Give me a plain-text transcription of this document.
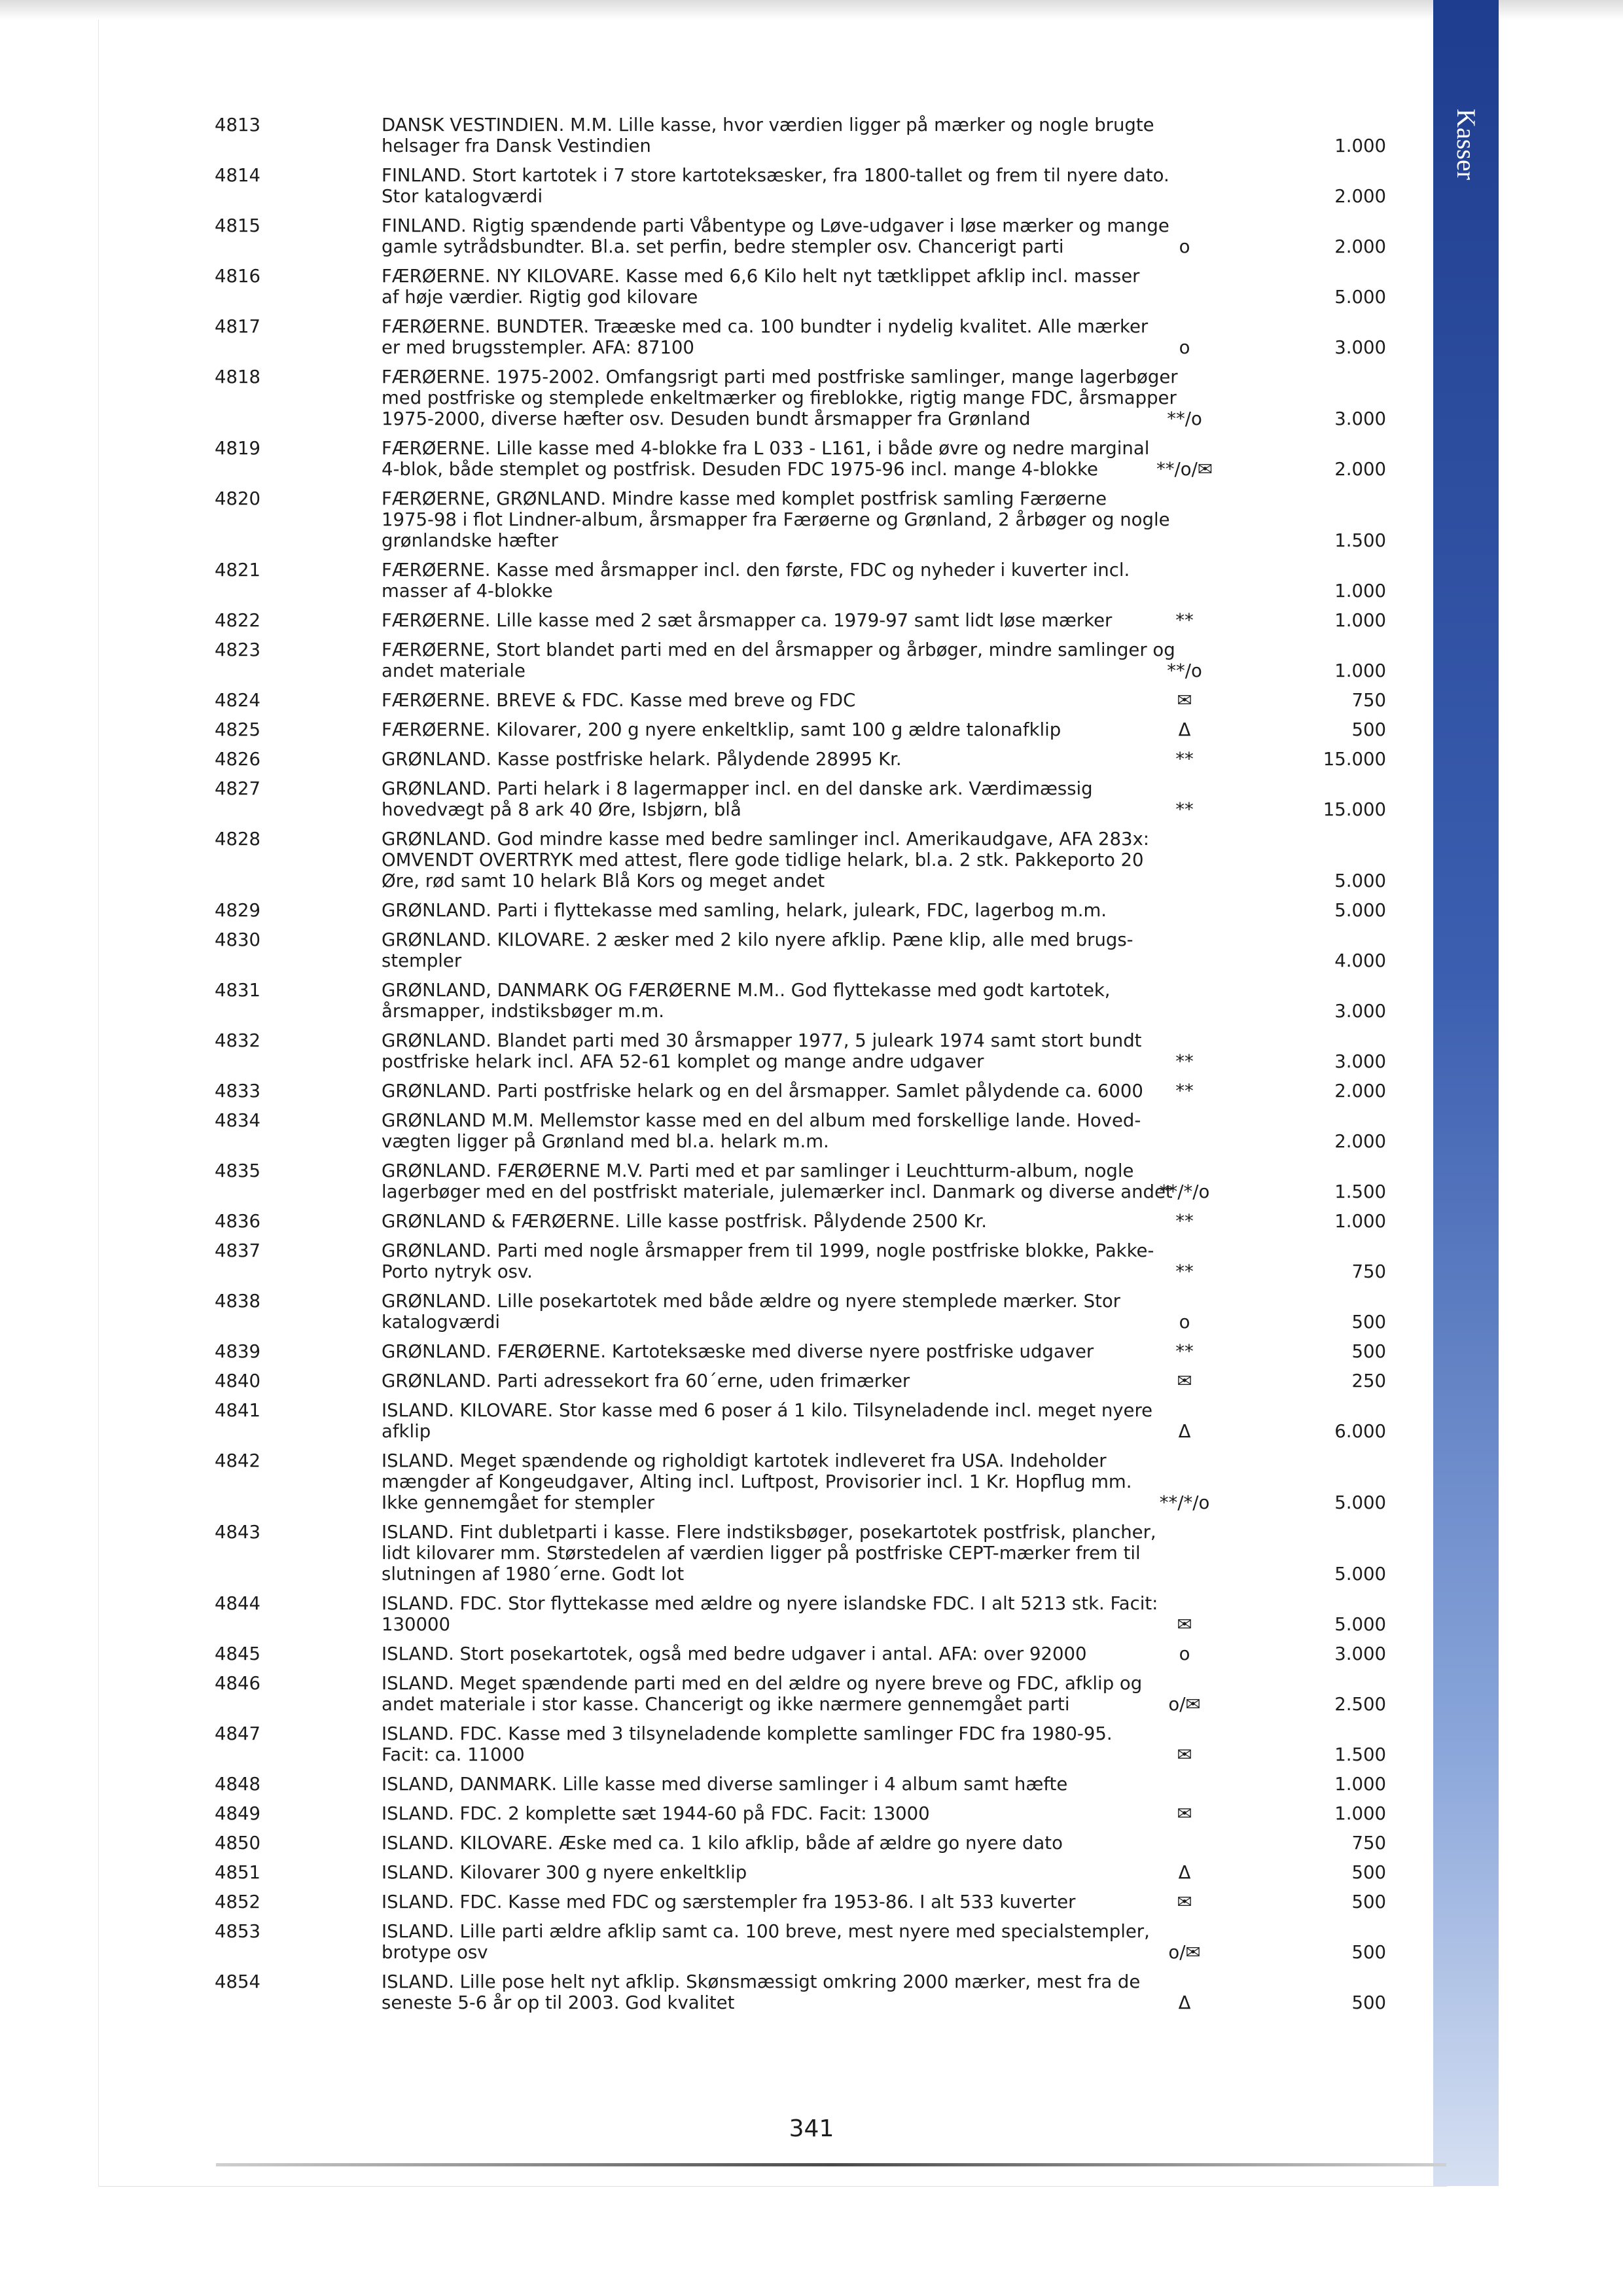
Kasser
4813	DANSK VESTINDIEN. M.M. Lille kasse, hvor værdien ligger på mærker og nogle brugte
helsager fra Dansk Vestindien	1.000
4814	FINLAND. Stort kartotek i 7 store kartoteksæsker, fra 1800-tallet og frem til nyere dato.
Stor katalogværdi	2.000
4815	FINLAND. Rigtig spændende parti Våbentype og Løve-udgaver i løse mærker og mange
gamle sytrådsbundter. Bl.a. set perfin, bedre stempler osv. Chancerigt parti	o	2.000
4816	FÆRØERNE. NY KILOVARE. Kasse med 6,6 Kilo helt nyt tætklippet afklip incl. masser
af høje værdier. Rigtig god kilovare	5.000
4817	FÆRØERNE. BUNDTER. Trææske med ca. 100 bundter i nydelig kvalitet. Alle mærker
er med brugsstempler. AFA: 87100	o	3.000
4818	FÆRØERNE. 1975-2002. Omfangsrigt parti med postfriske samlinger, mange lagerbøger
med postfriske og stemplede enkeltmærker og fireblokke, rigtig mange FDC, årsmapper
1975-2000, diverse hæfter osv. Desuden bundt årsmapper fra Grønland	**/o	3.000
4819	FÆRØERNE. Lille kasse med 4-blokke fra L 033 - L161, i både øvre og nedre marginal
4-blok, både stemplet og postfrisk. Desuden FDC 1975-96 incl. mange 4-blokke	**/o/✉	2.000
4820	FÆRØERNE, GRØNLAND. Mindre kasse med komplet postfrisk samling Færøerne
1975-98 i flot Lindner-album, årsmapper fra Færøerne og Grønland, 2 årbøger og nogle
grønlandske hæfter	1.500
4821	FÆRØERNE. Kasse med årsmapper incl. den første, FDC og nyheder i kuverter incl.
masser af 4-blokke	1.000
4822	FÆRØERNE. Lille kasse med 2 sæt årsmapper ca. 1979-97 samt lidt løse mærker	**	1.000
4823	FÆRØERNE, Stort blandet parti med en del årsmapper og årbøger, mindre samlinger og
andet materiale	**/o	1.000
4824	FÆRØERNE. BREVE & FDC. Kasse med breve og FDC	✉	750
4825	FÆRØERNE. Kilovarer, 200 g nyere enkeltklip, samt 100 g ældre talonafklip	Δ	500
4826	GRØNLAND. Kasse postfriske helark. Pålydende 28995 Kr.	**	15.000
4827	GRØNLAND. Parti helark i 8 lagermapper incl. en del danske ark. Værdimæssig
hovedvægt på 8 ark 40 Øre, Isbjørn, blå	**	15.000
4828	GRØNLAND. God mindre kasse med bedre samlinger incl. Amerikaudgave, AFA 283x:
OMVENDT OVERTRYK med attest, flere gode tidlige helark, bl.a. 2 stk. Pakkeporto 20
Øre, rød samt 10 helark Blå Kors og meget andet	5.000
4829	GRØNLAND. Parti i flyttekasse med samling, helark, juleark, FDC, lagerbog m.m.	5.000
4830	GRØNLAND. KILOVARE. 2 æsker med 2 kilo nyere afklip. Pæne klip, alle med brugs-
stempler	4.000
4831	GRØNLAND, DANMARK OG FÆRØERNE M.M.. God flyttekasse med godt kartotek,
årsmapper, indstiksbøger m.m.	3.000
4832	GRØNLAND. Blandet parti med 30 årsmapper 1977, 5 juleark 1974 samt stort bundt
postfriske helark incl. AFA 52-61 komplet og mange andre udgaver	**	3.000
4833	GRØNLAND. Parti postfriske helark og en del årsmapper. Samlet pålydende ca. 6000	**	2.000
4834	GRØNLAND M.M. Mellemstor kasse med en del album med forskellige lande. Hoved-
vægten ligger på Grønland med bl.a. helark m.m.	2.000
4835	GRØNLAND. FÆRØERNE M.V. Parti med et par samlinger i Leuchtturm-album, nogle
lagerbøger med en del postfriskt materiale, julemærker incl. Danmark og diverse andet
**/*/o	1.500
4836	GRØNLAND & FÆRØERNE. Lille kasse postfrisk. Pålydende 2500 Kr.	**	1.000
4837	GRØNLAND. Parti med nogle årsmapper frem til 1999, nogle postfriske blokke, Pakke-
Porto nytryk osv.	**	750
4838	GRØNLAND. Lille posekartotek med både ældre og nyere stemplede mærker. Stor
katalogværdi	o	500
4839	GRØNLAND. FÆRØERNE. Kartoteksæske med diverse nyere postfriske udgaver	**	500
4840	GRØNLAND. Parti adressekort fra 60´erne, uden frimærker	✉	250
4841	ISLAND. KILOVARE. Stor kasse med 6 poser á 1 kilo. Tilsyneladende incl. meget nyere
afklip	Δ	6.000
4842	ISLAND. Meget spændende og righoldigt kartotek indleveret fra USA. Indeholder
mængder af Kongeudgaver, Alting incl. Luftpost, Provisorier incl. 1 Kr. Hopflug mm.
Ikke gennemgået for stempler	**/*/o	5.000
4843	ISLAND. Fint dubletparti i kasse. Flere indstiksbøger, posekartotek postfrisk, plancher,
lidt kilovarer mm. Størstedelen af værdien ligger på postfriske CEPT-mærker frem til
slutningen af 1980´erne. Godt lot	5.000
4844	ISLAND. FDC. Stor flyttekasse med ældre og nyere islandske FDC. I alt 5213 stk. Facit:
130000	✉	5.000
4845	ISLAND. Stort posekartotek, også med bedre udgaver i antal. AFA: over 92000	o	3.000
4846	ISLAND. Meget spændende parti med en del ældre og nyere breve og FDC, afklip og
andet materiale i stor kasse. Chancerigt og ikke nærmere gennemgået parti	o/✉	2.500
4847	ISLAND. FDC. Kasse med 3 tilsyneladende komplette samlinger FDC fra 1980-95.
Facit: ca. 11000	✉	1.500
4848	ISLAND, DANMARK. Lille kasse med diverse samlinger i 4 album samt hæfte	1.000
4849	ISLAND. FDC. 2 komplette sæt 1944-60 på FDC. Facit: 13000	✉	1.000
4850	ISLAND. KILOVARE. Æske med ca. 1 kilo afklip, både af ældre go nyere dato	750
4851	ISLAND. Kilovarer 300 g nyere enkeltklip	Δ	500
4852	ISLAND. FDC. Kasse med FDC og særstempler fra 1953-86. I alt 533 kuverter	✉	500
4853	ISLAND. Lille parti ældre afklip samt ca. 100 breve, mest nyere med specialstempler,
brotype osv	o/✉	500
4854	ISLAND. Lille pose helt nyt afklip. Skønsmæssigt omkring 2000 mærker, mest fra de
seneste 5-6 år op til 2003. God kvalitet	Δ	500
341
